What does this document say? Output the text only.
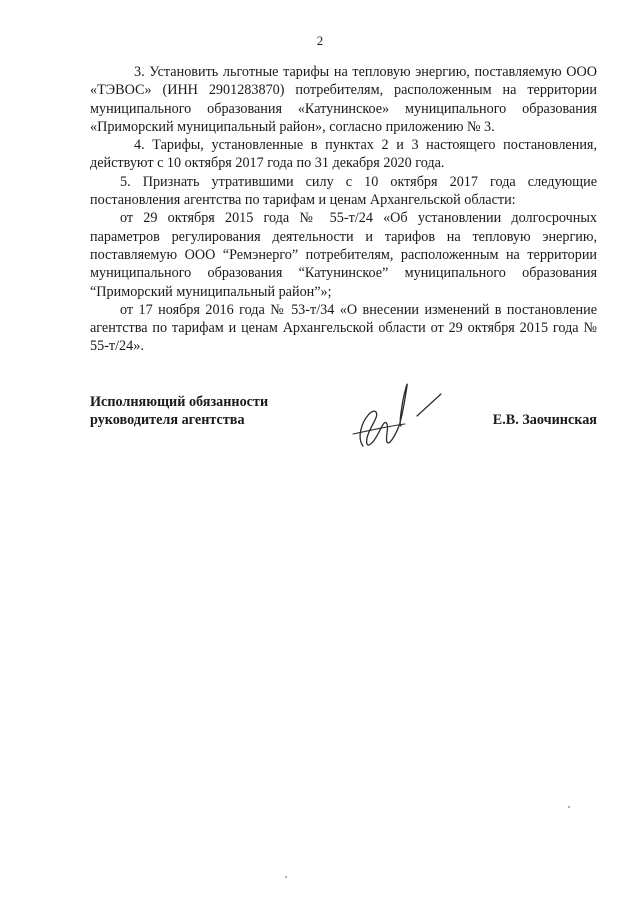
2

3. Установить льготные тарифы на тепловую энергию, поставляемую ООО «ТЭВОС» (ИНН 2901283870) потребителям, расположенным на территории муниципального образования «Катунинское» муниципального образования «Приморский муниципальный район», согласно приложению № 3.

4. Тарифы, установленные в пунктах 2 и 3 настоящего постановления, действуют с 10 октября 2017 года по 31 декабря 2020 года.

5. Признать утратившими силу с 10 октября 2017 года следующие постановления агентства по тарифам и ценам Архангельской области:

от 29 октября 2015 года № 55-т/24 «Об установлении долгосрочных параметров регулирования деятельности и тарифов на тепловую энергию, поставляемую ООО “Ремэнерго” потребителям, расположенным на территории муниципального образования “Катунинское” муниципального образования “Приморский муниципальный район”»;

от 17 ноября 2016 года № 53-т/34 «О внесении изменений в постановление агентства по тарифам и ценам Архангельской области от 29 октября 2015 года № 55-т/24».

Исполняющий обязанности
руководителя агентства	Е.В. Заочинская
